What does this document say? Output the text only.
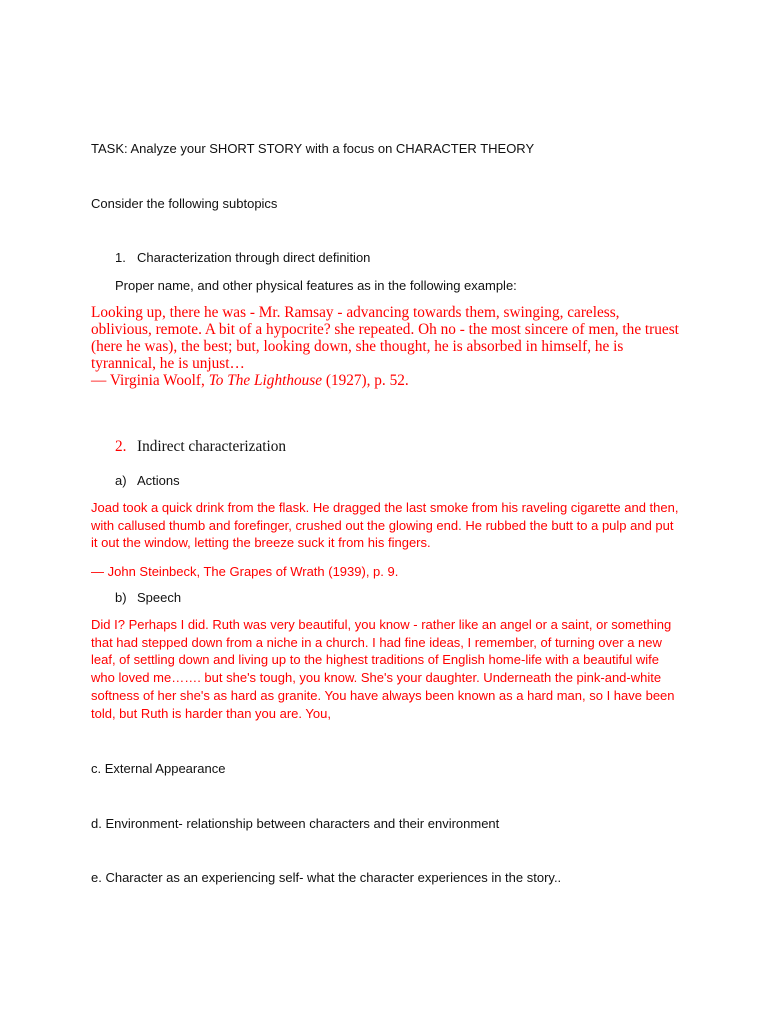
TASK: Analyze your SHORT STORY with a focus on CHARACTER THEORY
Consider the following subtopics
1. Characterization through direct definition
Proper name, and other physical features as in the following example:
Looking up, there he was - Mr. Ramsay - advancing towards them, swinging, careless, oblivious, remote. A bit of a hypocrite? she repeated. Oh no - the most sincere of men, the truest (here he was), the best; but, looking down, she thought, he is absorbed in himself, he is tyrannical, he is unjust…
— Virginia Woolf, To The Lighthouse (1927), p. 52.
2. Indirect characterization
a) Actions
Joad took a quick drink from the flask. He dragged the last smoke from his raveling cigarette and then, with callused thumb and forefinger, crushed out the glowing end. He rubbed the butt to a pulp and put it out the window, letting the breeze suck it from his fingers.
— John Steinbeck, The Grapes of Wrath (1939), p. 9.
b) Speech
Did I? Perhaps I did. Ruth was very beautiful, you know - rather like an angel or a saint, or something that had stepped down from a niche in a church. I had fine ideas, I remember, of turning over a new leaf, of settling down and living up to the highest traditions of English home-life with a beautiful wife who loved me……. but she's tough, you know. She's your daughter. Underneath the pink-and-white softness of her she's as hard as granite. You have always been known as a hard man, so I have been told, but Ruth is harder than you are. You,
c. External Appearance
d. Environment- relationship between characters and their environment
e. Character as an experiencing self- what the character experiences in the story..
